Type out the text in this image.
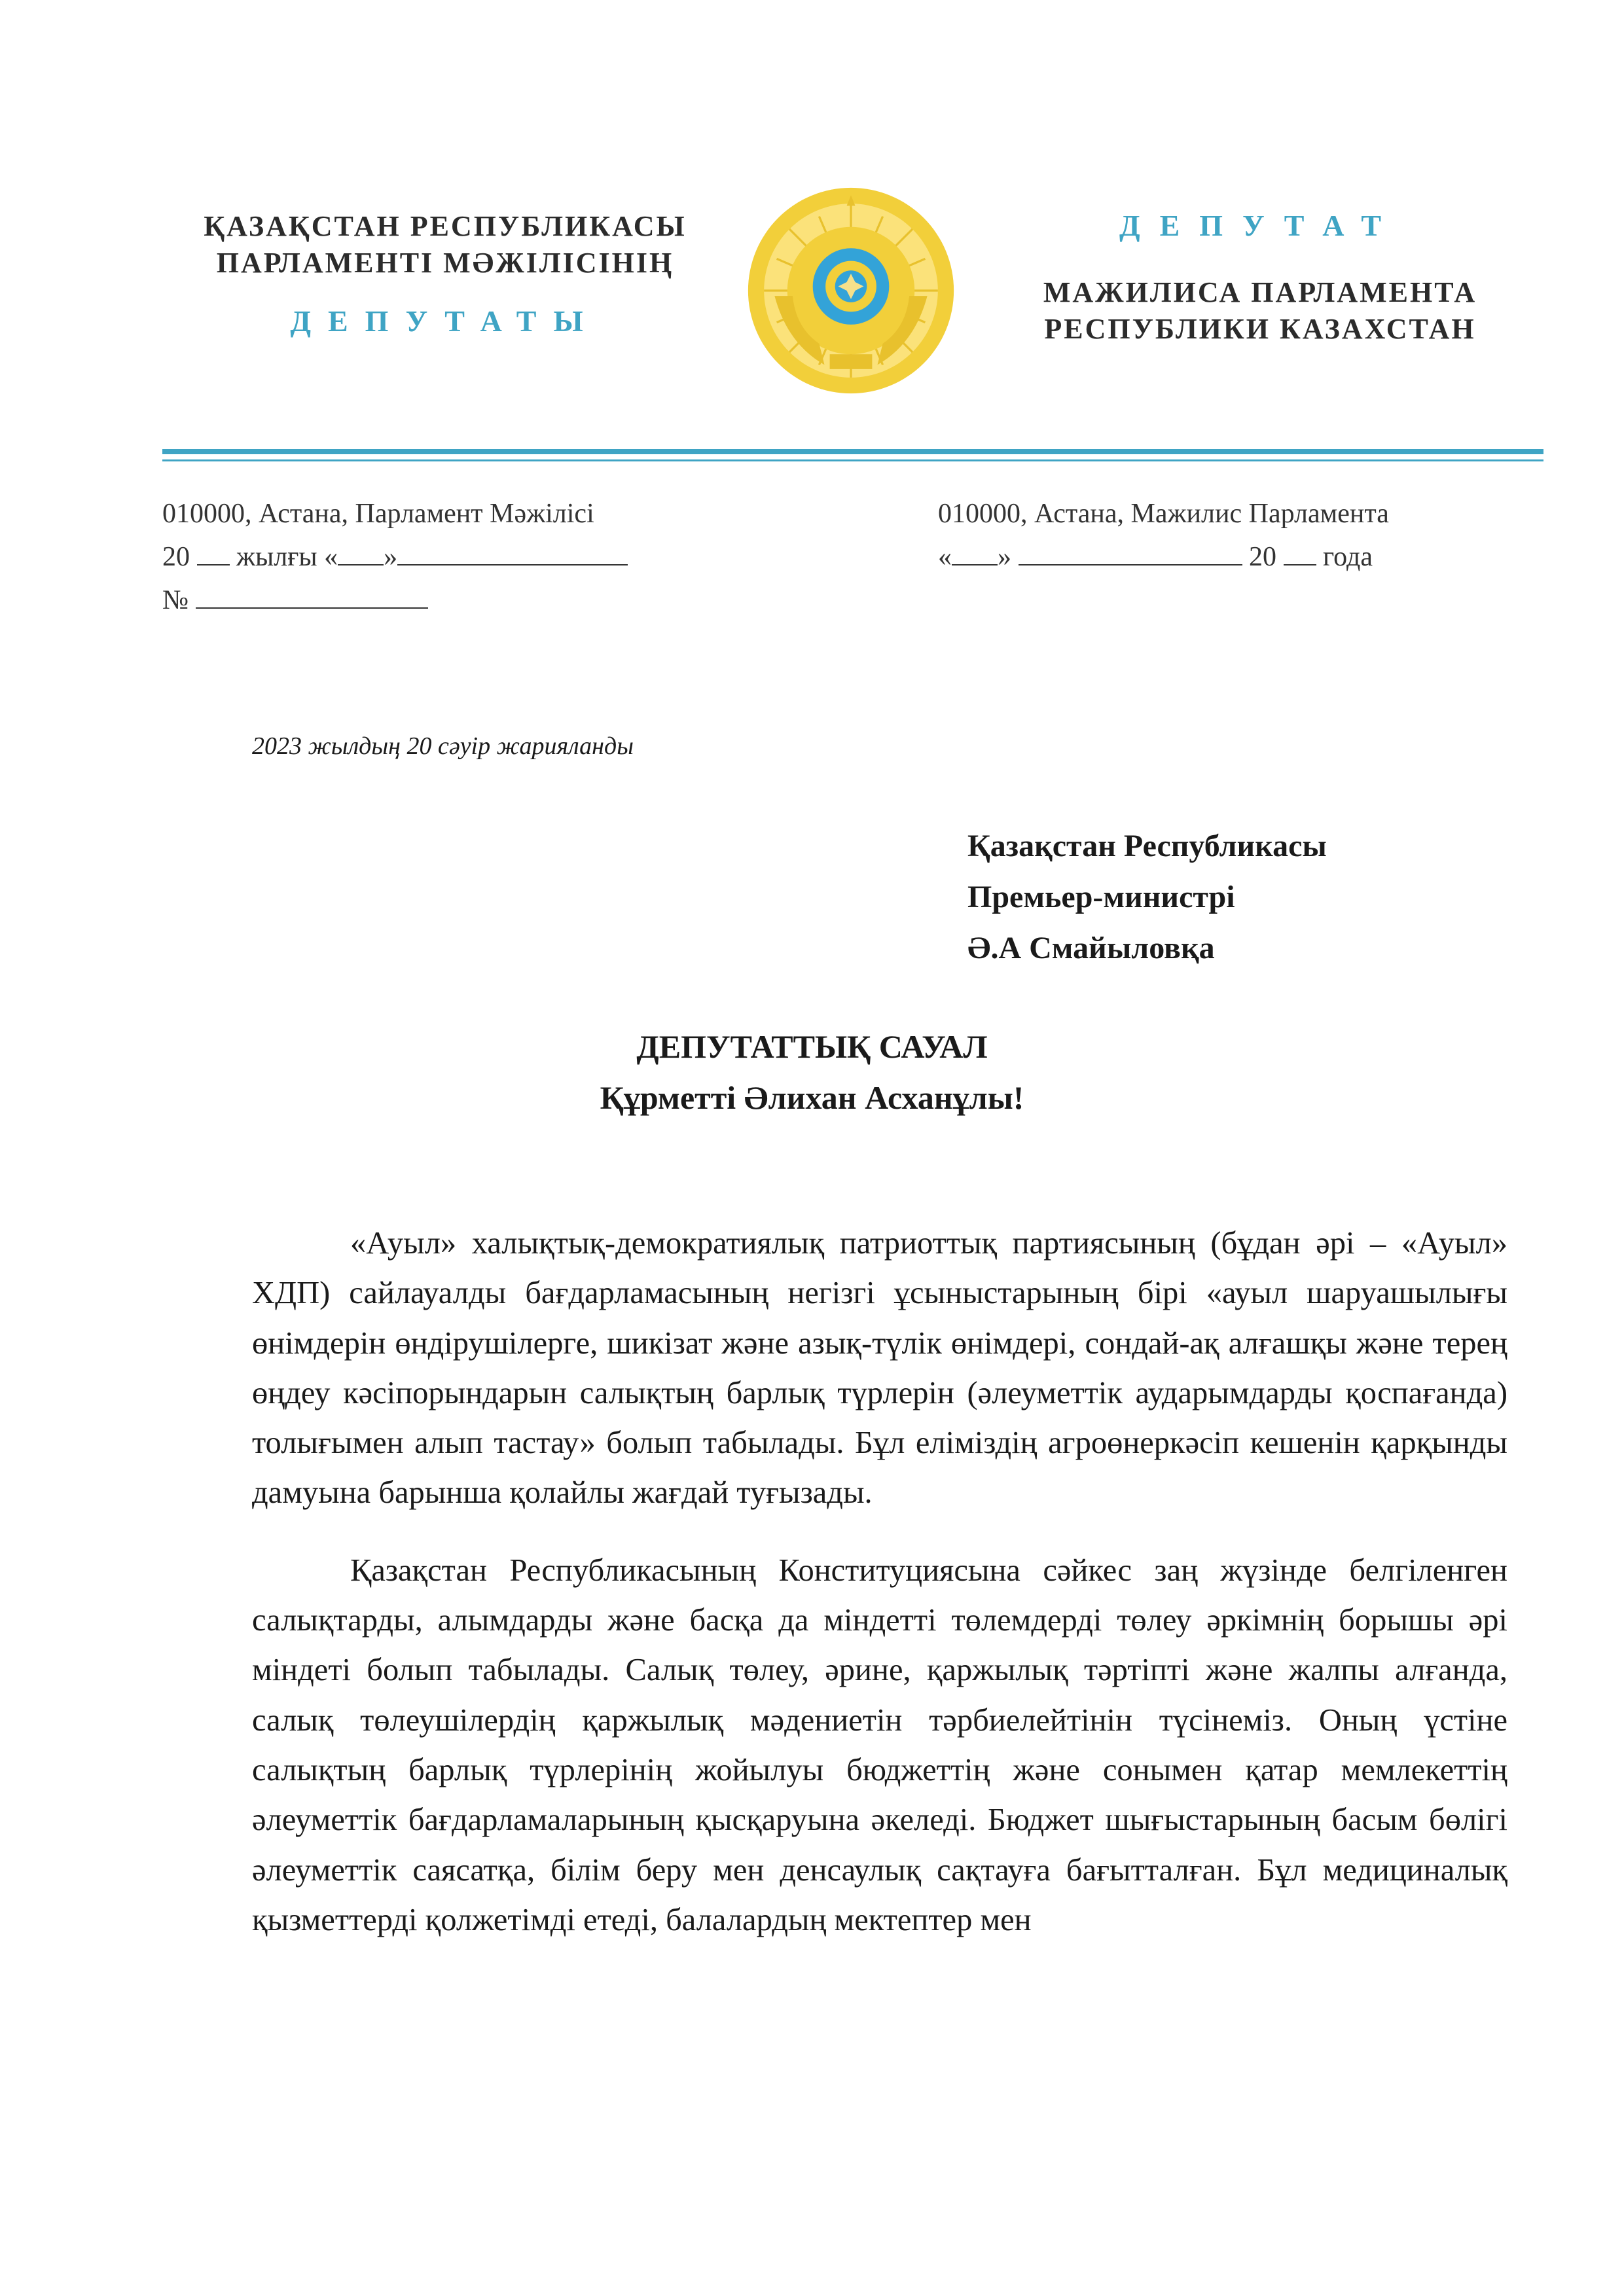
ҚАЗАҚСТАН РЕСПУБЛИКАСЫ
ПАРЛАМЕНТІ МӘЖІЛІСІНІҢ
ДЕПУТАТЫ
ДЕПУТАТ
МАЖИЛИСА ПАРЛАМЕНТА
РЕСПУБЛИКИ КАЗАХСТАН
010000, Астана, Парламент Мәжілісі
20 жылғы « »
№
010000, Астана, Мажилис Парламента
« »	20 года
2023 жылдың 20 сәуір жарияланды
Қазақстан Республикасы
Премьер-министрі
Ә.А Смайыловқа
ДЕПУТАТТЫҚ САУАЛ
Құрметті Әлихан Асханұлы!

«Ауыл» халықтық-демократиялық патриоттық партиясының (бұдан әрі – «Ауыл» ХДП) сайлауалды бағдарламасының негізгі ұсыныстарының бірі «ауыл шаруашылығы өнімдерін өндірушілерге, шикізат және азық-түлік өнімдері, сондай-ақ алғашқы және терең өңдеу кәсіпорындарын салықтың барлық түрлерін (әлеуметтік аударымдарды қоспағанда) толығымен алып тастау» болып табылады. Бұл еліміздің агроөнеркәсіп кешенін қарқынды дамуына барынша қолайлы жағдай туғызады.

Қазақстан Республикасының Конституциясына сәйкес заң жүзінде белгіленген салықтарды, алымдарды және басқа да міндетті төлемдерді төлеу әркімнің борышы әрі міндеті болып табылады. Салық төлеу, әрине, қаржылық тәртіпті және жалпы алғанда, салық төлеушілердің қаржылық мәдениетін тәрбиелейтінін түсінеміз. Оның үстіне салықтың барлық түрлерінің жойылуы бюджеттің және сонымен қатар мемлекеттің әлеуметтік бағдарламаларының қысқаруына әкеледі. Бюджет шығыстарының басым бөлігі әлеуметтік саясатқа, білім беру мен денсаулық сақтауға бағытталған. Бұл медициналық қызметтерді қолжетімді етеді, балалардың мектептер мен
